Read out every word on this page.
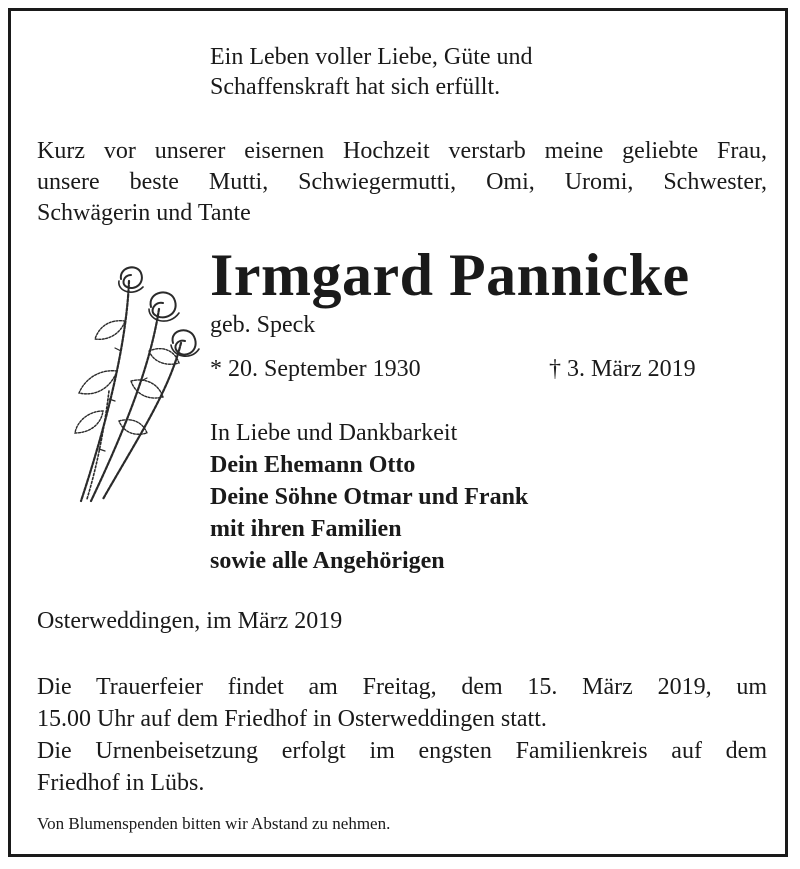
Ein Leben voller Liebe, Güte und
Schaffenskraft hat sich erfüllt.
Kurz vor unserer eisernen Hochzeit verstarb meine geliebte Frau,
unsere beste Mutti, Schwiegermutti, Omi, Uromi, Schwester,
Schwägerin und Tante
Irmgard Pannicke
geb. Speck
* 20. September 1930	† 3. März 2019
In Liebe und Dankbarkeit
Dein Ehemann Otto
Deine Söhne Otmar und Frank
mit ihren Familien
sowie alle Angehörigen
Osterweddingen, im März 2019
Die Trauerfeier findet am Freitag, dem 15. März 2019, um
15.00 Uhr auf dem Friedhof in Osterweddingen statt.
Die Urnenbeisetzung erfolgt im engsten Familienkreis auf dem
Friedhof in Lübs.
Von Blumenspenden bitten wir Abstand zu nehmen.
